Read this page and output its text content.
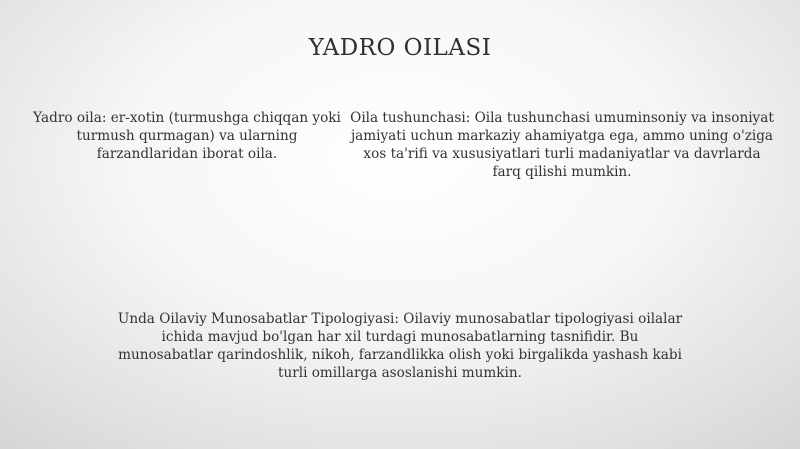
YADRO OILASI

Yadro oila: er-xotin (turmushga chiqqan yoki turmush qurmagan) va ularning farzandlaridan iborat oila.

Oila tushunchasi: Oila tushunchasi umuminsoniy va insoniyat jamiyati uchun markaziy ahamiyatga ega, ammo uning o'ziga xos ta'rifi va xususiyatlari turli madaniyatlar va davrlarda farq qilishi mumkin.

Unda Oilaviy Munosabatlar Tipologiyasi: Oilaviy munosabatlar tipologiyasi oilalar ichida mavjud bo'lgan har xil turdagi munosabatlarning tasnifidir. Bu munosabatlar qarindoshlik, nikoh, farzandlikka olish yoki birgalikda yashash kabi turli omillarga asoslanishi mumkin.
